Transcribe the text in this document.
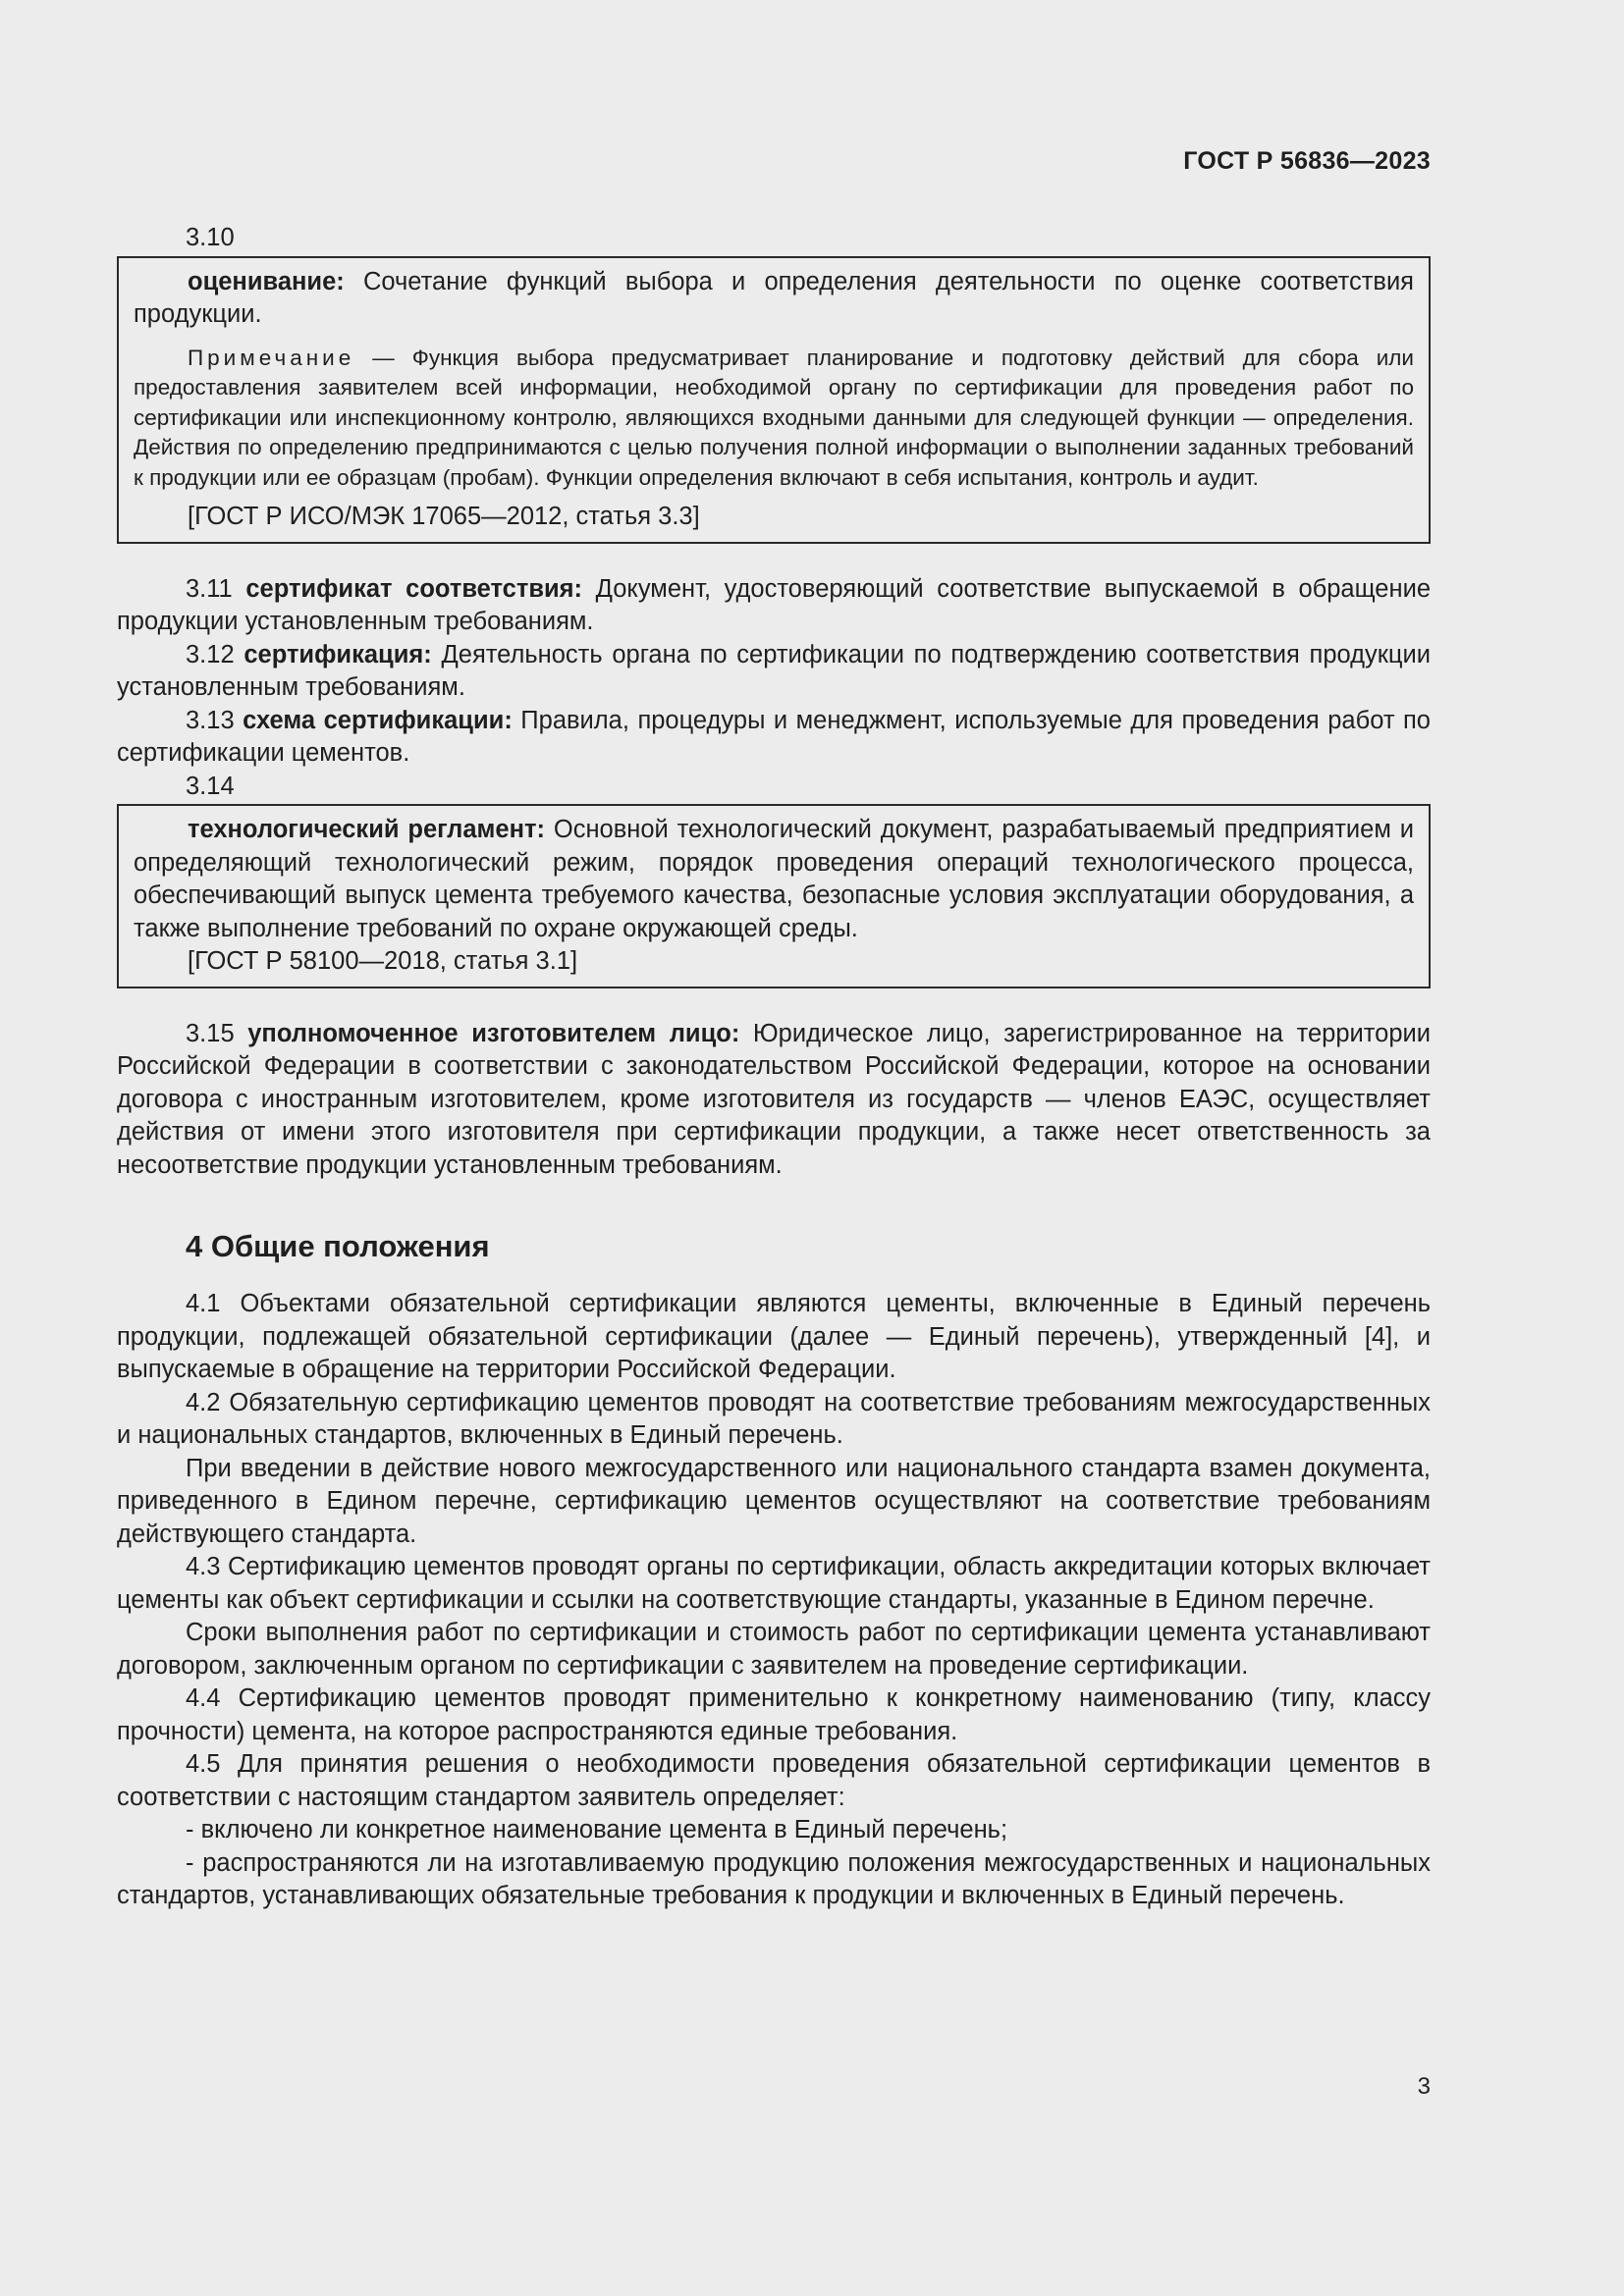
ГОСТ Р 56836—2023
3.10

оценивание: Сочетание функций выбора и определения деятельности по оценке соответствия продукции.

Примечание — Функция выбора предусматривает планирование и подготовку действий для сбора или предоставления заявителем всей информации, необходимой органу по сертификации для проведения работ по сертификации или инспекционному контролю, являющихся входными данными для следующей функции — определения. Действия по определению предпринимаются с целью получения полной информации о выполнении заданных требований к продукции или ее образцам (пробам). Функции определения включают в себя испытания, контроль и аудит.
[ГОСТ Р ИСО/МЭК 17065—2012, статья 3.3]

3.11 сертификат соответствия: Документ, удостоверяющий соответствие выпускаемой в обращение продукции установленным требованиям.

3.12 сертификация: Деятельность органа по сертификации по подтверждению соответствия продукции установленным требованиям.

3.13 схема сертификации: Правила, процедуры и менеджмент, используемые для проведения работ по сертификации цементов.

3.14

технологический регламент: Основной технологический документ, разрабатываемый предприятием и определяющий технологический режим, порядок проведения операций технологического процесса, обеспечивающий выпуск цемента требуемого качества, безопасные условия эксплуатации оборудования, а также выполнение требований по охране окружающей среды.

[ГОСТ Р 58100—2018, статья 3.1]

3.15 уполномоченное изготовителем лицо: Юридическое лицо, зарегистрированное на территории Российской Федерации в соответствии с законодательством Российской Федерации, которое на основании договора с иностранным изготовителем, кроме изготовителя из государств — членов ЕАЭС, осуществляет действия от имени этого изготовителя при сертификации продукции, а также несет ответственность за несоответствие продукции установленным требованиям.

4 Общие положения

4.1 Объектами обязательной сертификации являются цементы, включенные в Единый перечень продукции, подлежащей обязательной сертификации (далее — Единый перечень), утвержденный [4], и выпускаемые в обращение на территории Российской Федерации.

4.2 Обязательную сертификацию цементов проводят на соответствие требованиям межгосударственных и национальных стандартов, включенных в Единый перечень.

При введении в действие нового межгосударственного или национального стандарта взамен документа, приведенного в Едином перечне, сертификацию цементов осуществляют на соответствие требованиям действующего стандарта.

4.3 Сертификацию цементов проводят органы по сертификации, область аккредитации которых включает цементы как объект сертификации и ссылки на соответствующие стандарты, указанные в Едином перечне.

Сроки выполнения работ по сертификации и стоимость работ по сертификации цемента устанавливают договором, заключенным органом по сертификации с заявителем на проведение сертификации.

4.4 Сертификацию цементов проводят применительно к конкретному наименованию (типу, классу прочности) цемента, на которое распространяются единые требования.

4.5 Для принятия решения о необходимости проведения обязательной сертификации цементов в соответствии с настоящим стандартом заявитель определяет:

- включено ли конкретное наименование цемента в Единый перечень;

- распространяются ли на изготавливаемую продукцию положения межгосударственных и национальных стандартов, устанавливающих обязательные требования к продукции и включенных в Единый перечень.

3
